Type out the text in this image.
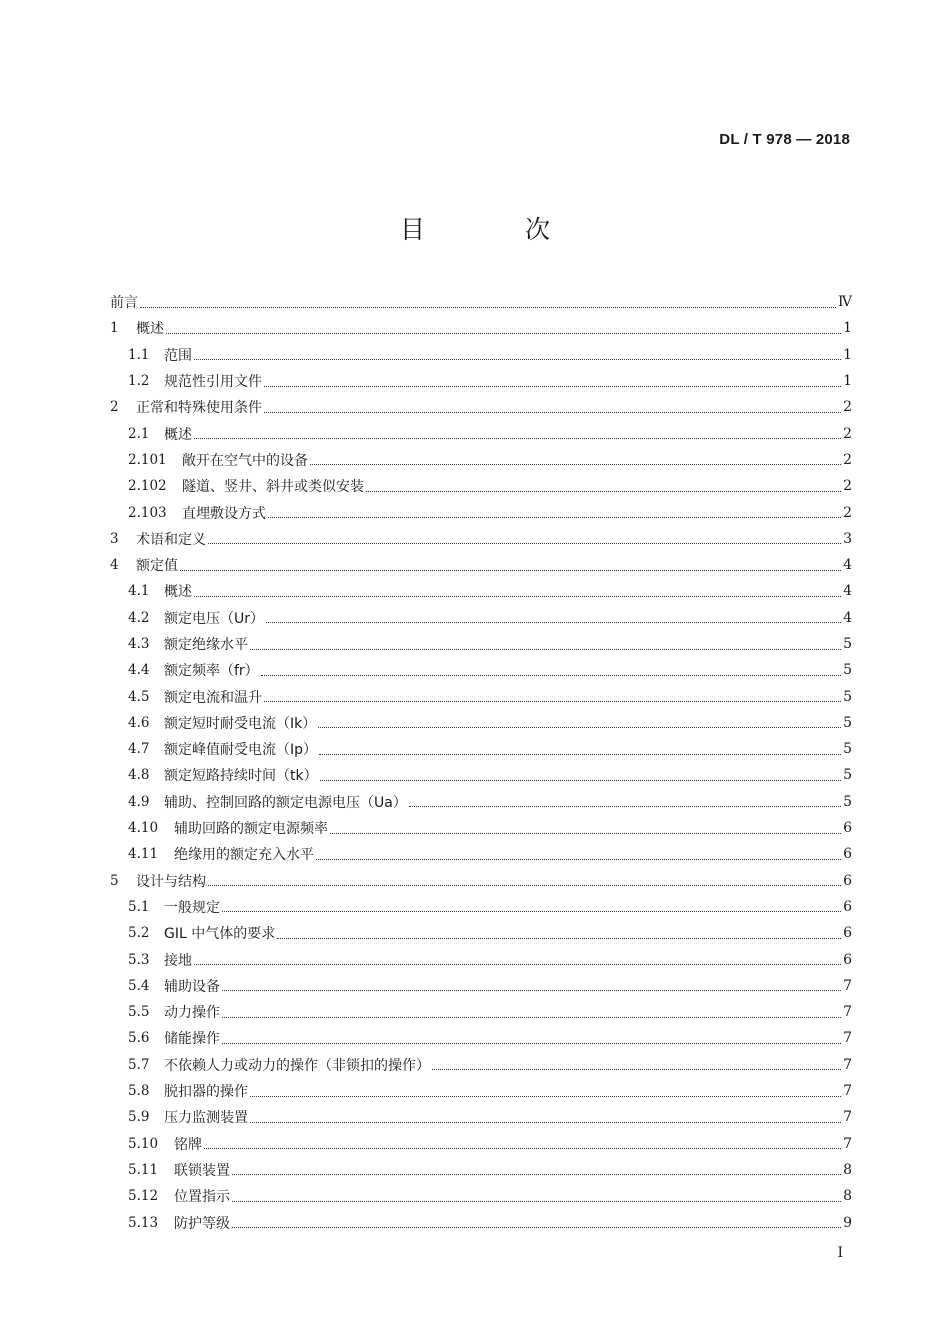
DL / T 978 — 2018
目 次
前言	Ⅳ
1	概述	1
1.1	范围	1
1.2	规范性引用文件	1
2	正常和特殊使用条件	2
2.1	概述	2
2.101	敞开在空气中的设备	2
2.102	隧道、竖井、斜井或类似安装	2
2.103	直埋敷设方式	2
3	术语和定义	3
4	额定值	4
4.1	概述	4
4.2	额定电压（Ur）	4
4.3	额定绝缘水平	5
4.4	额定频率（fr）	5
4.5	额定电流和温升	5
4.6	额定短时耐受电流（Ik）	5
4.7	额定峰值耐受电流（Ip）	5
4.8	额定短路持续时间（tk）	5
4.9	辅助、控制回路的额定电源电压（Ua）	5
4.10	辅助回路的额定电源频率	6
4.11	绝缘用的额定充入水平	6
5	设计与结构	6
5.1	一般规定	6
5.2	GIL 中气体的要求	6
5.3	接地	6
5.4	辅助设备	7
5.5	动力操作	7
5.6	储能操作	7
5.7	不依赖人力或动力的操作（非锁扣的操作）	7
5.8	脱扣器的操作	7
5.9	压力监测装置	7
5.10	铭牌	7
5.11	联锁装置	8
5.12	位置指示	8
5.13	防护等级	9
I
